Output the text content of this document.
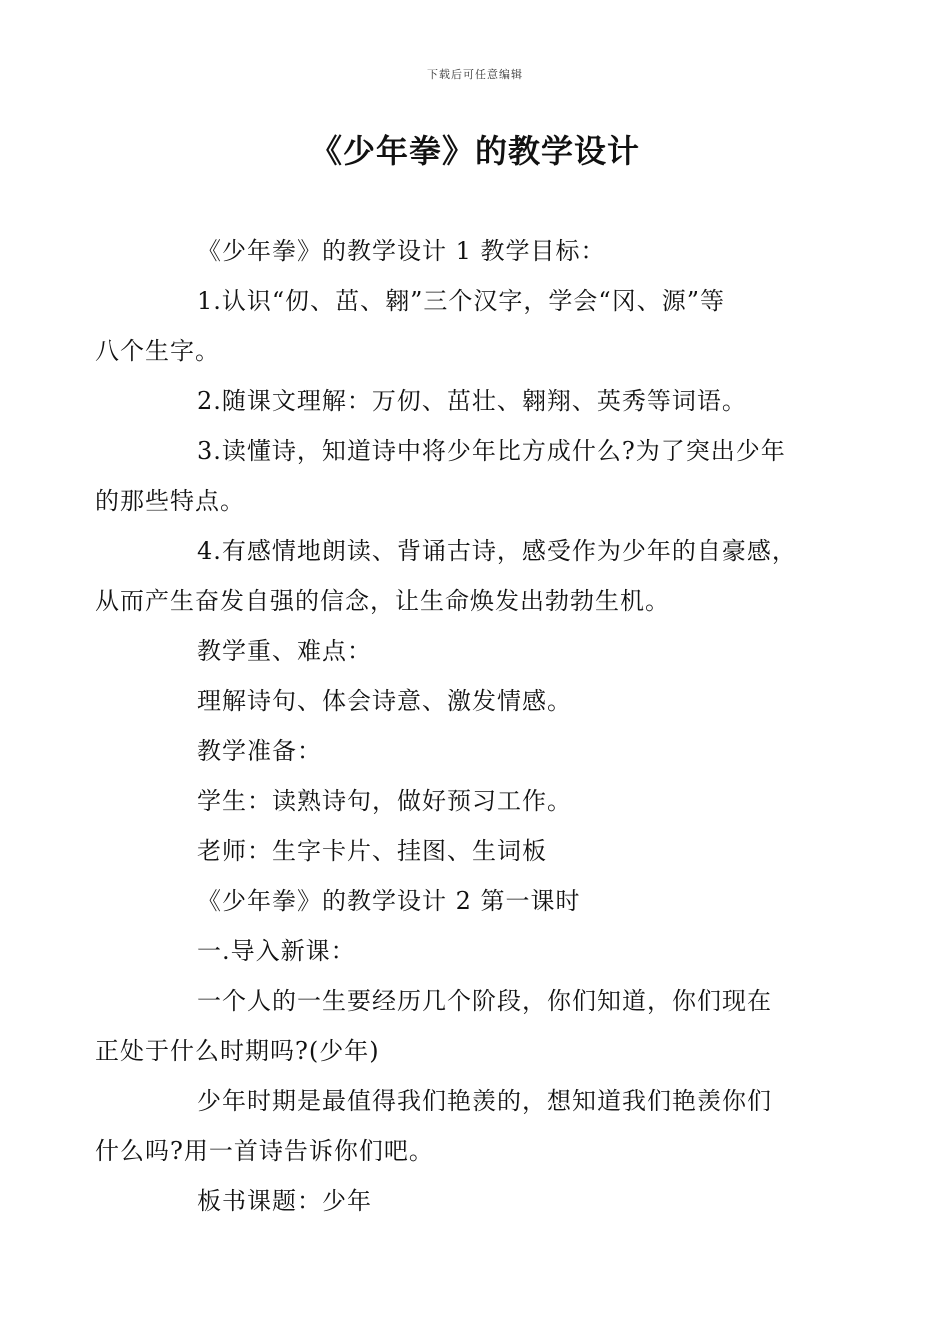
下载后可任意编辑
《少年拳》的教学设计

《少年拳》的教学设计 1 教学目标：

1.认识“仞、茁、翱”三个汉字，学会“冈、源”等
八个生字。

2.随课文理解：万仞、茁壮、翱翔、英秀等词语。

3.读懂诗，知道诗中将少年比方成什么?为了突出少年
的那些特点。

4.有感情地朗读、背诵古诗，感受作为少年的自豪感，
从而产生奋发自强的信念，让生命焕发出勃勃生机。

教学重、难点：

理解诗句、体会诗意、激发情感。

教学准备：

学生：读熟诗句，做好预习工作。

老师：生字卡片、挂图、生词板

《少年拳》的教学设计 2 第一课时

一.导入新课：

一个人的一生要经历几个阶段，你们知道，你们现在
正处于什么时期吗?(少年)

少年时期是最值得我们艳羡的，想知道我们艳羡你们
什么吗?用一首诗告诉你们吧。

板书课题：少年
